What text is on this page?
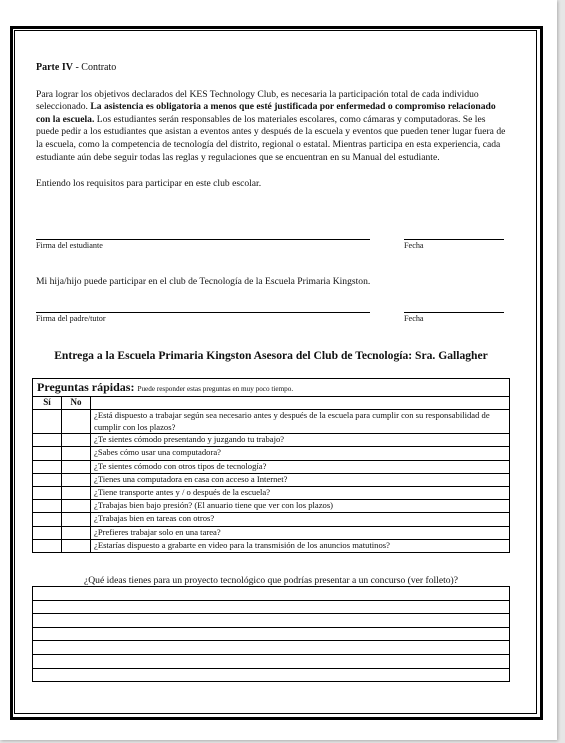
Parte IV - Contrato

Para lograr los objetivos declarados del KES Technology Club, es necesaria la participación total de cada individuo seleccionado. La asistencia es obligatoria a menos que esté justificada por enfermedad o compromiso relacionado con la escuela. Los estudiantes serán responsables de los materiales escolares, como cámaras y computadoras. Se les puede pedir a los estudiantes que asistan a eventos antes y después de la escuela y eventos que pueden tener lugar fuera de la escuela, como la competencia de tecnología del distrito, regional o estatal. Mientras participa en esta experiencia, cada estudiante aún debe seguir todas las reglas y regulaciones que se encuentran en su Manual del estudiante.

Entiendo los requisitos para participar en este club escolar.

Firma del estudiante	Fecha
Mi hija/hijo puede participar en el club de Tecnología de la Escuela Primaria Kingston.
Firma del padre/tutor	Fecha
Entrega a la Escuela Primaria Kingston Asesora del Club de Tecnología: Sra. Gallagher
Preguntas rápidas: Puede responder estas preguntas en muy poco tiempo.		
Sí	No	
		¿Está dispuesto a trabajar según sea necesario antes y después de la escuela para cumplir con su responsabilidad de cumplir con los plazos?
		¿Te sientes cómodo presentando y juzgando tu trabajo?
		¿Sabes cómo usar una computadora?
		¿Te sientes cómodo con otros tipos de tecnología?
		¿Tienes una computadora en casa con acceso a Internet?
		¿Tiene transporte antes y / o después de la escuela?
		¿Trabajas bien bajo presión? (El anuario tiene que ver con los plazos)
		¿Trabajas bien en tareas con otros?
		¿Prefieres trabajar solo en una tarea?
		¿Estarías dispuesto a grabarte en video para la transmisión de los anuncios matutinos?
¿Qué ideas tienes para un proyecto tecnológico que podrías presentar a un concurso (ver folleto)?
